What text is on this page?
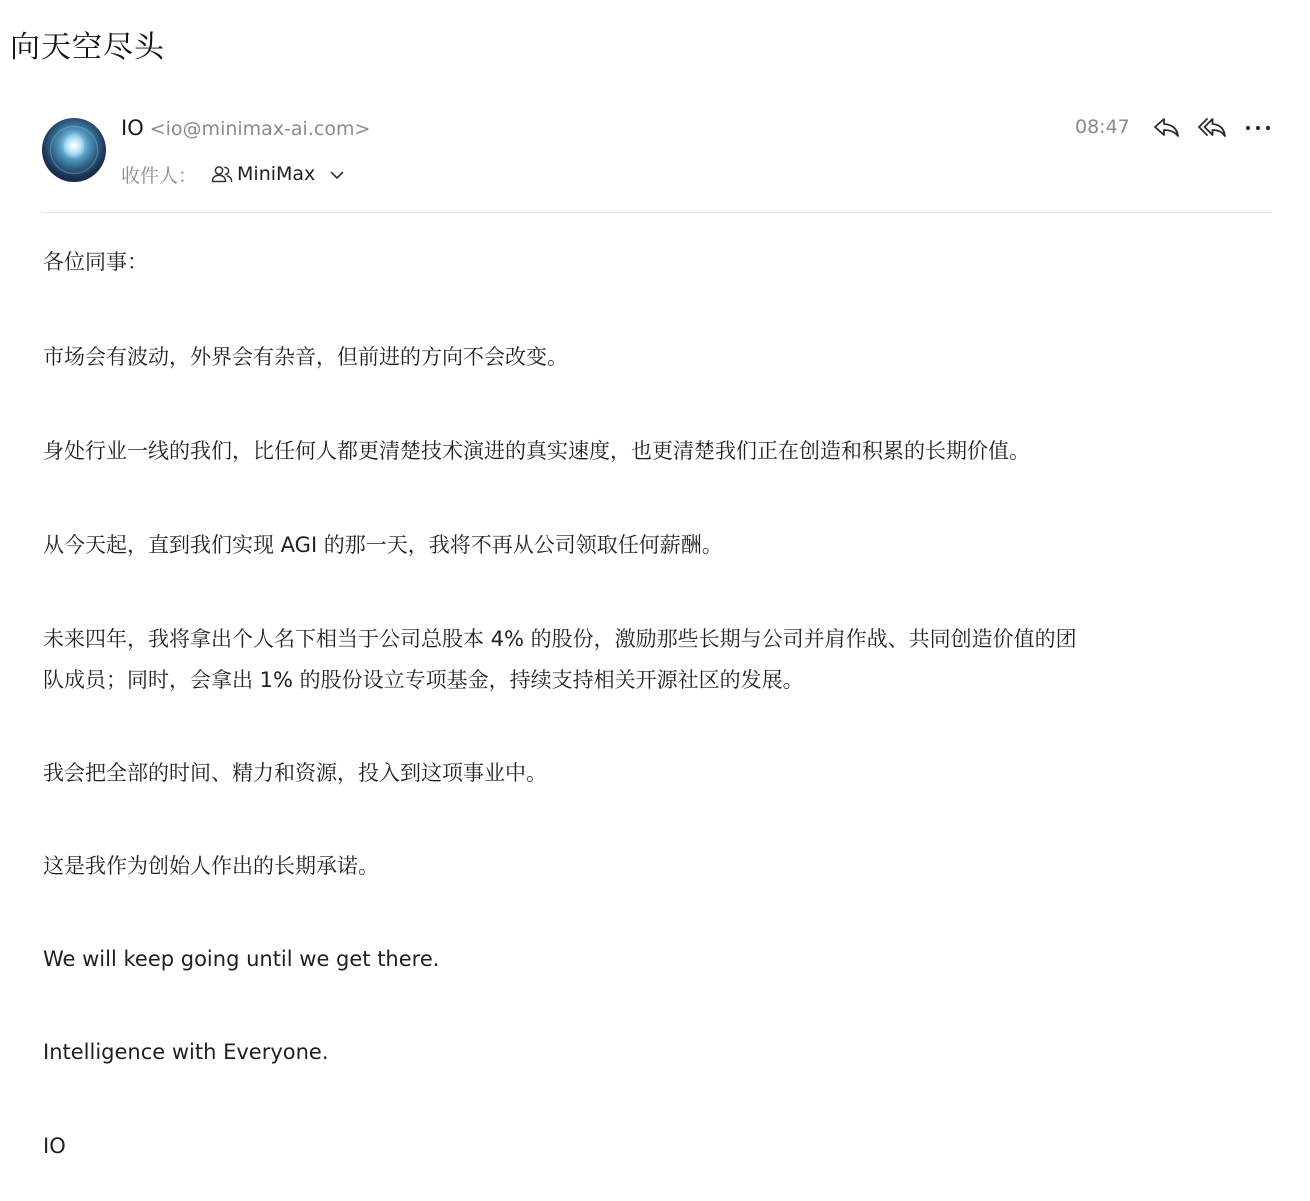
向天空尽头
IO <io@minimax-ai.com>
收件人： MiniMax
08:47
各位同事：
市场会有波动，外界会有杂音，但前进的方向不会改变。
身处行业一线的我们，比任何人都更清楚技术演进的真实速度，也更清楚我们正在创造和积累的长期价值。
从今天起，直到我们实现 AGI 的那一天，我将不再从公司领取任何薪酬。
未来四年，我将拿出个人名下相当于公司总股本 4% 的股份，激励那些长期与公司并肩作战、共同创造价值的团
队成员；同时，会拿出 1% 的股份设立专项基金，持续支持相关开源社区的发展。
我会把全部的时间、精力和资源，投入到这项事业中。
这是我作为创始人作出的长期承诺。
We will keep going until we get there.
Intelligence with Everyone.
IO
